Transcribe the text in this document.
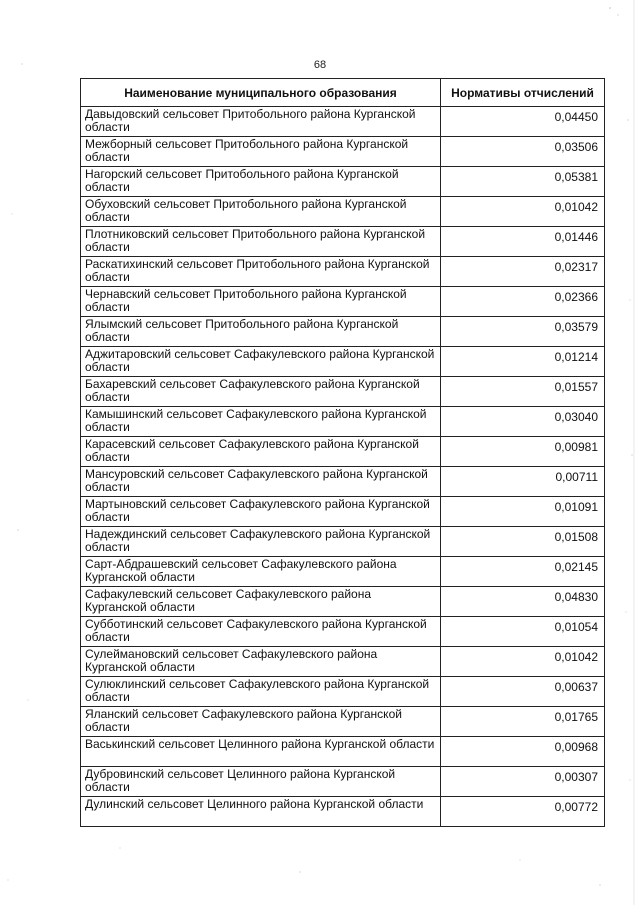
68
Наименование муниципального образования	Нормативы отчислений
Давыдовский сельсовет Притобольного района Курганской области	0,04450
Межборный сельсовет Притобольного района Курганской области	0,03506
Нагорский сельсовет Притобольного района Курганской области	0,05381
Обуховский сельсовет Притобольного района Курганской области	0,01042
Плотниковский сельсовет Притобольного района Курганской области	0,01446
Раскатихинский сельсовет Притобольного района Курганской области	0,02317
Чернавский сельсовет Притобольного района Курганской области	0,02366
Ялымский сельсовет Притобольного района Курганской области	0,03579
Аджитаровский сельсовет Сафакулевского района Курганской области	0,01214
Бахаревский сельсовет Сафакулевского района Курганской области	0,01557
Камышинский сельсовет Сафакулевского района Курганской области	0,03040
Карасевский сельсовет Сафакулевского района Курганской области	0,00981
Мансуровский сельсовет Сафакулевского района Курганской области	0,00711
Мартыновский сельсовет Сафакулевского района Курганской области	0,01091
Надеждинский сельсовет Сафакулевского района Курганской области	0,01508
Сарт-Абдрашевский сельсовет Сафакулевского района Курганской области	0,02145
Сафакулевский сельсовет Сафакулевского района Курганской области	0,04830
Субботинский сельсовет Сафакулевского района Курганской области	0,01054
Сулеймановский сельсовет Сафакулевского района Курганской области	0,01042
Сулюклинский сельсовет Сафакулевского района Курганской области	0,00637
Яланский сельсовет Сафакулевского района Курганской области	0,01765
Васькинский сельсовет Целинного района Курганской области	0,00968
Дубровинский сельсовет Целинного района Курганской области	0,00307
Дулинский сельсовет Целинного района Курганской области	0,00772
